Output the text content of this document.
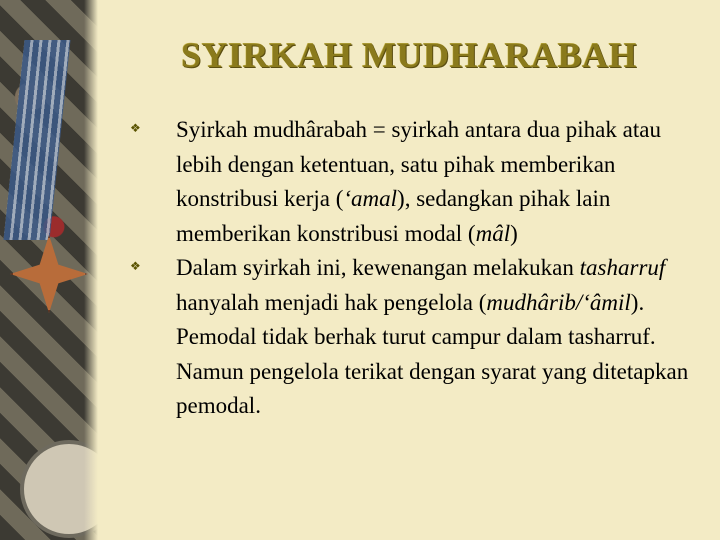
SYIRKAH MUDHARABAH
❖ Syirkah mudhârabah = syirkah antara dua pihak atau lebih dengan ketentuan, satu pihak memberikan konstribusi kerja (‘amal), sedangkan pihak lain memberikan konstribusi modal (mâl)
❖ Dalam syirkah ini, kewenangan melakukan tasharruf hanyalah menjadi hak pengelola (mudhârib/‘âmil). Pemodal tidak berhak turut campur dalam tasharruf. Namun pengelola terikat dengan syarat yang ditetapkan pemodal.
